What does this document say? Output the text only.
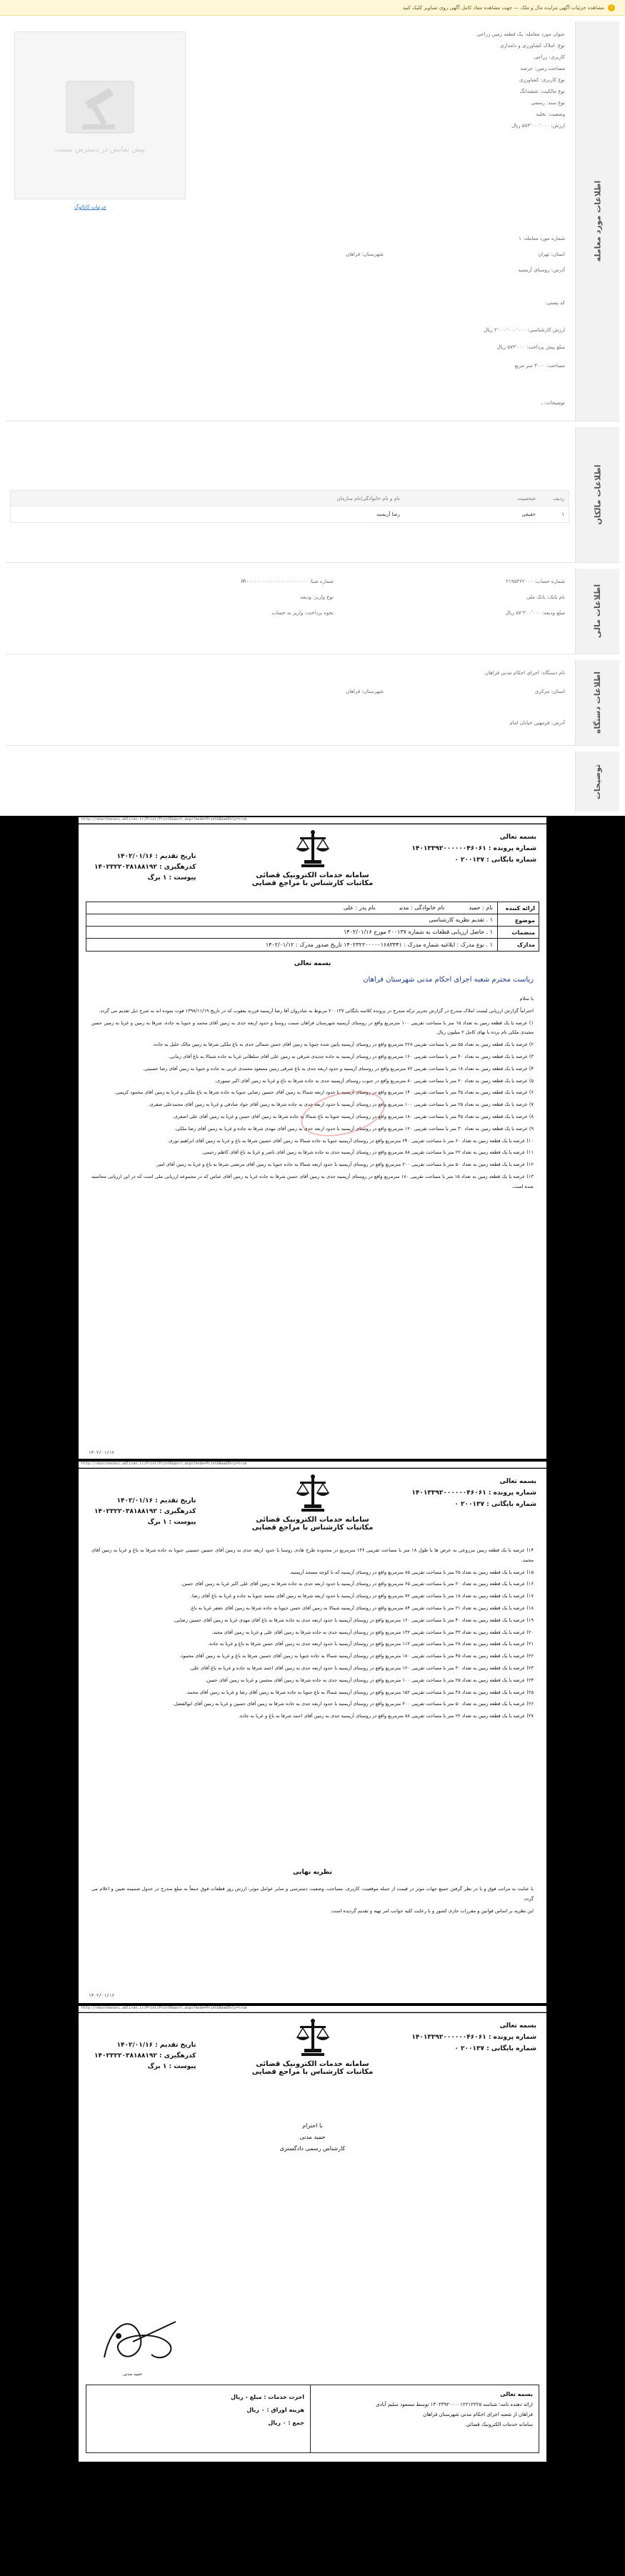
!
مشاهده جزئیات آگهی مزایده مال و ملک — جهت مشاهده مفاد کامل آگهی روی تصاویر کلیک کنید
اطلاعات مورد معامله
پیش نمایش در دسترس نیست
جزئیات کاتالوگ
عنوان مورد معامله: یک قطعه زمین زراعی
نوع: املاک کشاورزی و دامداری
کاربری: زراعی
مساحت زمین: عرصه
نوع کاربری: کشاورزی
نوع مالکیت: ششدانگ
نوع سند: رسمی
وضعیت: تخلیه
ارزش: ۵۷۳٬۰۰۰٬۰۰۰ ریال
شماره مورد معامله: ۱
استان: تهران
شهرستان: فراهان
آدرس: روستای آریمنیه
کد پستی:
ارزش کارشناسی: ۲٬۰۰۰٬۰۰۰٬۰۰۰ ریال
مبلغ پیش پرداخت: ۵۷۳٬۰۰۰ ریال
مساحت: ۳۰۰۰ متر مربع
توضیحات: ـ
اطلاعات مالکان
ردیف
شخصیت
نام و نام خانوادگی/نام سازمان
۱
حقیقی
رضا آریمنیه
اطلاعات مالی
شماره حساب: ۲۱۹۵۳۶۲۰۰۰
شماره شبا: IR۰۰۰۰۰۰۰۰۰۰۰۰۰۰۰۰۰۰۰۰۰۰۰
نام بانک: بانک ملی
نوع واریز: ودیعه
مبلغ ودیعه: ۵۷٬۳۰۰٬۰۰۰ ریال
نحوه پرداخت: واریز به حساب
اطلاعات دستگاه
نام دستگاه: اجرای احکام مدنی فراهان
استان: مرکزی
شهرستان: فراهان
آدرس: فرمهین خیابان امام
توضیحات
http://ekarshenasi.adliran.ir/Print/PrintReport.aspx?mode=Print&ReadOnly=true
بسمه تعالی
شماره پرونده : ۱۴۰۱۳۳۹۲۰۰۰۰۰۰۴۶۰۶۱
شماره بایگانی : ۲۰۰۱۳۷ ۰
سامانه خدمات الکترونیک قضائی
مکاتبات کارشناس با مراجع قضایی
تاریخ تقدیم : ۱۴۰۲/۰۱/۱۶
کدرهگیری : ۱۴۰۲۳۲۲۰۳۸۱۸۸۱۹۲
پیوست : ۱ برگ
ارائه کننده
نام : حمیدنام خانوادگی : مدنینام پدر : علی
موضوع
۱ . تقدیم نظریه کارشناسی
منضمات
۱ . حاصل ارزیابی قطعات به شماره ۲۰۰۱۳۷ مورخ ۱۴۰۲/۰۱/۱۶
مدارک
۱ . نوع مدرک : ابلاغیه شماره مدرک : ۱۴۰۲۳۲۲۰۰۰۰۰۱۶۸۳۳۴۱ تاریخ صدور مدرک : ۱۴۰۲/۰۱/۱۲
بسمه تعالی
ریاست محترم شعبه اجرای احکام مدنی شهرستان فراهان

با سلام

احتراماً گزارش ارزیابی لیست املاک مندرج در گزارش تحریر ترکه مندرج در پرونده کلاسه بایگانی ۲۰۰۱۳۷ مربوط به شادروان آقا رضا آریمنیه فرزند یعقوب که در تاریخ ۱۳۹۸/۱۱/۱۹ فوت نموده اند به شرح ذیل تقدیم می گردد.

۱) عرصه یا یک قطعه زمین به تعداد ۱۵ متر با مساحت تقریبی ۱۰۰ مترمربع واقع در روستای آریمنیه شهرستان فراهان سمت روستا و حدود اربعه جدی به زمین آقای محمد و جنوبا به جاده، شرقا به زمین و غربا به زمین حسن مجیدی ملکی نام برده با بهای کامل ۲ میلیون ریال.

۲) عرصه یا یک قطعه زمین به تعداد ۵۵ متر با مساحت تقریبی ۲۲۸ مترمربع واقع در روستای آریمنیه پایین شده جنوبا به زمین آقای حسن شمالی جدی به باغ ملکی شرقا به زمین مالک خلیل به جاده.

۳) عرصه یا یک قطعه زمین به تعداد ۴۰ متر با مساحت تقریبی ۱۶۰ مترمربع واقع در روستای آریمنیه به جاده جدیدی شرقی به زمین علی آقای سلطانی غربا به جاده شمالا به باغ آقای زمانی.

۴) عرصه یا یک قطعه زمین به تعداد ۱۸ متر با مساحت تقریبی ۷۲ مترمربع واقع در روستای آریمنیه و حدود اربعه جدی به باغ شرقی زمین مسعود محمدی غربی به جاده و جنوبا به زمین آقای رضا حسینی.

۵) عرصه یا یک قطعه زمین به تعداد ۲۰ متر با مساحت تقریبی ۸۰ مترمربع واقع در جنوب روستای آریمنیه جدی به جاده شرقا به باغ و غربا به زمین آقای اکبر تیموری.

۶) عرصه یا یک قطعه زمین به تعداد ۳۵ متر با مساحت تقریبی ۱۴۰ مترمربع واقع در روستای آریمنیه با حدود اربعه شمالا به زمین آقای حسین رضایی جنوبا به جاده شرقا به باغ ملکی و غربا به زمین آقای محمود کریمی.

۷) عرصه یا یک قطعه زمین به تعداد ۲۵ متر با مساحت تقریبی ۱۰۰ مترمربع واقع در روستای آریمنیه با حدود اربعه جدی به جاده شرقا به زمین آقای جواد صادقی و غربا به زمین آقای محمدعلی صفری.

۸) عرصه یا یک قطعه زمین به تعداد ۴۵ متر با مساحت تقریبی ۱۸۰ مترمربع واقع در روستای آریمنیه جنوبا به باغ شمالا به جاده شرقا به زمین آقای حسن و غربا به زمین آقای علی اصغری.

۹) عرصه یا یک قطعه زمین به تعداد ۳۰ متر با مساحت تقریبی ۱۲۰ مترمربع واقع در روستای آریمنیه با حدود اربعه جدی به زمین آقای مهدی شرقا به جاده و غربا به زمین آقای رضا ملکی.

۱۰) عرصه یا یک قطعه زمین به تعداد ۶۰ متر با مساحت تقریبی ۲۴۰ مترمربع واقع در روستای آریمنیه جنوبا به جاده شمالا به زمین آقای حسین شرقا به باغ و غربا به زمین آقای ابراهیم نوری.

۱۱) عرصه یا یک قطعه زمین به تعداد ۲۲ متر با مساحت تقریبی ۸۸ مترمربع واقع در روستای آریمنیه جدی به جاده شرقا به زمین آقای ناصر و غربا به باغ آقای کاظم رحیمی.

۱۲) عرصه یا یک قطعه زمین به تعداد ۵۰ متر با مساحت تقریبی ۲۰۰ مترمربع واقع در روستای آریمنیه با حدود اربعه شمالا به جاده جنوبا به زمین آقای مرتضی شرقا به باغ و غربا به زمین آقای امیر.

۱۳) عرصه یا یک قطعه زمین به تعداد ۱۵ متر با مساحت تقریبی ۱۸۰ مترمربع واقع در روستای آریمنیه جدی به زمین آقای حسن شرقا به جاده غربا به زمین آقای عباس که در مجموعه ارزیابی ملی است که در این ارزیابی محاسبه شده است.

۱۴۰۲/۰۱/۱۶
http://ekarshenasi.adliran.ir/Print/PrintReport.aspx?mode=Print&ReadOnly=true
بسمه تعالی
شماره پرونده : ۱۴۰۱۳۳۹۲۰۰۰۰۰۰۴۶۰۶۱
شماره بایگانی : ۲۰۰۱۳۷ ۰
سامانه خدمات الکترونیک قضائی
مکاتبات کارشناس با مراجع قضایی
تاریخ تقدیم : ۱۴۰۲/۰۱/۱۶
کدرهگیری : ۱۴۰۲۳۲۲۰۳۸۱۸۸۱۹۲
پیوست : ۱ برگ

۱۴) عرصه یا یک قطعه زمین مزروعی به عرض ها یا طول ۱۸ متر با مساحت تقریبی ۱۳۶ مترمربع در محدوده طرح هادی روستا با حدود اربعه جدی به زمین آقای حسین حسینی جنوبا به جاده شرقا به باغ و غربا به زمین آقای محمد.

۱۵) عرصه یا یک قطعه زمین به تعداد ۲۵ متر با مساحت تقریبی ۸۵ مترمربع واقع در روستای آریمنیه که با کوچه مسجد آریمنیه.

۱۶) عرصه یا یک قطعه زمین به تعداد ۲۰ متر با مساحت تقریبی ۶۵ مترمربع واقع در روستای آریمنیه با حدود اربعه جدی به جاده شرقا به زمین آقای علی اکبر غربا به زمین آقای حسن.

۱۷) عرصه یا یک قطعه زمین به تعداد ۱۸ متر با مساحت تقریبی ۷۲ مترمربع واقع در روستای آریمنیه با حدود اربعه شرقا به زمین آقای محمد جنوبا به جاده و غربا به باغ آقای رضا.

۱۸) عرصه یا یک قطعه زمین به تعداد ۲۱ متر با مساحت تقریبی ۸۴ مترمربع واقع در روستای آریمنیه شمالا به زمین آقای حسن جنوبا به جاده شرقا به زمین آقای جعفر غربا به باغ.

۱۹) عرصه یا یک قطعه زمین به تعداد ۴۰ متر با مساحت تقریبی ۱۶۰ مترمربع واقع در روستای آریمنیه با حدود اربعه جدی به جاده شرقا به باغ آقای مهدی غربا به زمین آقای حسین رضایی.

۲۰) عرصه یا یک قطعه زمین به تعداد ۳۳ متر با مساحت تقریبی ۱۳۲ مترمربع واقع در روستای آریمنیه جدی به جاده شرقا به زمین آقای علی و غربا به زمین آقای مجید.

۲۱) عرصه یا یک قطعه زمین به تعداد ۲۸ متر با مساحت تقریبی ۱۱۲ مترمربع واقع در روستای آریمنیه با حدود اربعه جدی به زمین آقای حسن شرقا به باغ و غربا به جاده.

۲۲) عرصه یا یک قطعه زمین به تعداد ۴۵ متر با مساحت تقریبی ۱۸۰ مترمربع واقع در روستای آریمنیه شمالا به جاده جنوبا به زمین آقای حسین شرقا به باغ و غربا به زمین آقای محمود.

۲۳) عرصه یا یک قطعه زمین به تعداد ۳۰ متر با مساحت تقریبی ۱۲۰ مترمربع واقع در روستای آریمنیه با حدود اربعه جدی به زمین آقای احمد شرقا به جاده و غربا به باغ آقای علی.

۲۴) عرصه یا یک قطعه زمین به تعداد ۲۵ متر با مساحت تقریبی ۱۰۰ مترمربع واقع در روستای آریمنیه جدی به جاده شرقا به زمین آقای محسن و غربا به زمین آقای حسن.

۲۵) عرصه یا یک قطعه زمین به تعداد ۳۸ متر با مساحت تقریبی ۱۵۲ مترمربع واقع در روستای آریمنیه شمالا به باغ جنوبا به جاده شرقا به زمین آقای رضا و غربا به زمین آقای محمد.

۲۶) عرصه یا یک قطعه زمین به تعداد ۵۰ متر با مساحت تقریبی ۲۰۰ مترمربع واقع در روستای آریمنیه با حدود اربعه جدی به جاده شرقا به زمین آقای حسین و غربا به زمین آقای ابوالفضل.

۲۷) عرصه یا یک قطعه زمین به تعداد ۲۲ متر با مساحت تقریبی ۸۸ مترمربع واقع در روستای آریمنیه جدی به زمین آقای احمد شرقا به باغ و غربا به جاده.

نظریه نهایی

با عنایت به مراتب فوق و با در نظر گرفتن جمیع جهات موثر در قیمت از جمله موقعیت، کاربری، مساحت، وضعیت دسترسی و سایر عوامل موثر، ارزش روز قطعات فوق جمعاً به مبلغ مندرج در جدول ضمیمه تعیین و اعلام می گردد.

این نظریه بر اساس قوانین و مقررات جاری کشور و با رعایت کلیه جوانب امر تهیه و تقدیم گردیده است.

۱۴۰۲/۰۱/۱۶
http://ekarshenasi.adliran.ir/Print/PrintReport.aspx?mode=Print&ReadOnly=true
بسمه تعالی
شماره پرونده : ۱۴۰۱۳۳۹۲۰۰۰۰۰۰۴۶۰۶۱
شماره بایگانی : ۲۰۰۱۳۷ ۰
سامانه خدمات الکترونیک قضائی
مکاتبات کارشناس با مراجع قضایی
تاریخ تقدیم : ۱۴۰۲/۰۱/۱۶
کدرهگیری : ۱۴۰۲۳۲۲۰۳۸۱۸۸۱۹۲
پیوست : ۱ برگ
با احترام
حمید مدنی
کارشناس رسمی دادگستری
حمید مدنی
بسمه تعالی
ارائه دهنده نامه: شناسه ۱۴۰۲۳۹۲۰۰۰۰۱۲۲۱۲۲۲۵ توسط مسعود سلیم آبادی
فراهان از شعبه اجرای احکام مدنی شهرستان فراهان
سامانه خدمات الکترونیک قضائی
اجرت خدمات : مبلغ - ریال
هزینه اوراق : ۰ ریال
جمع : ۰ ریال
